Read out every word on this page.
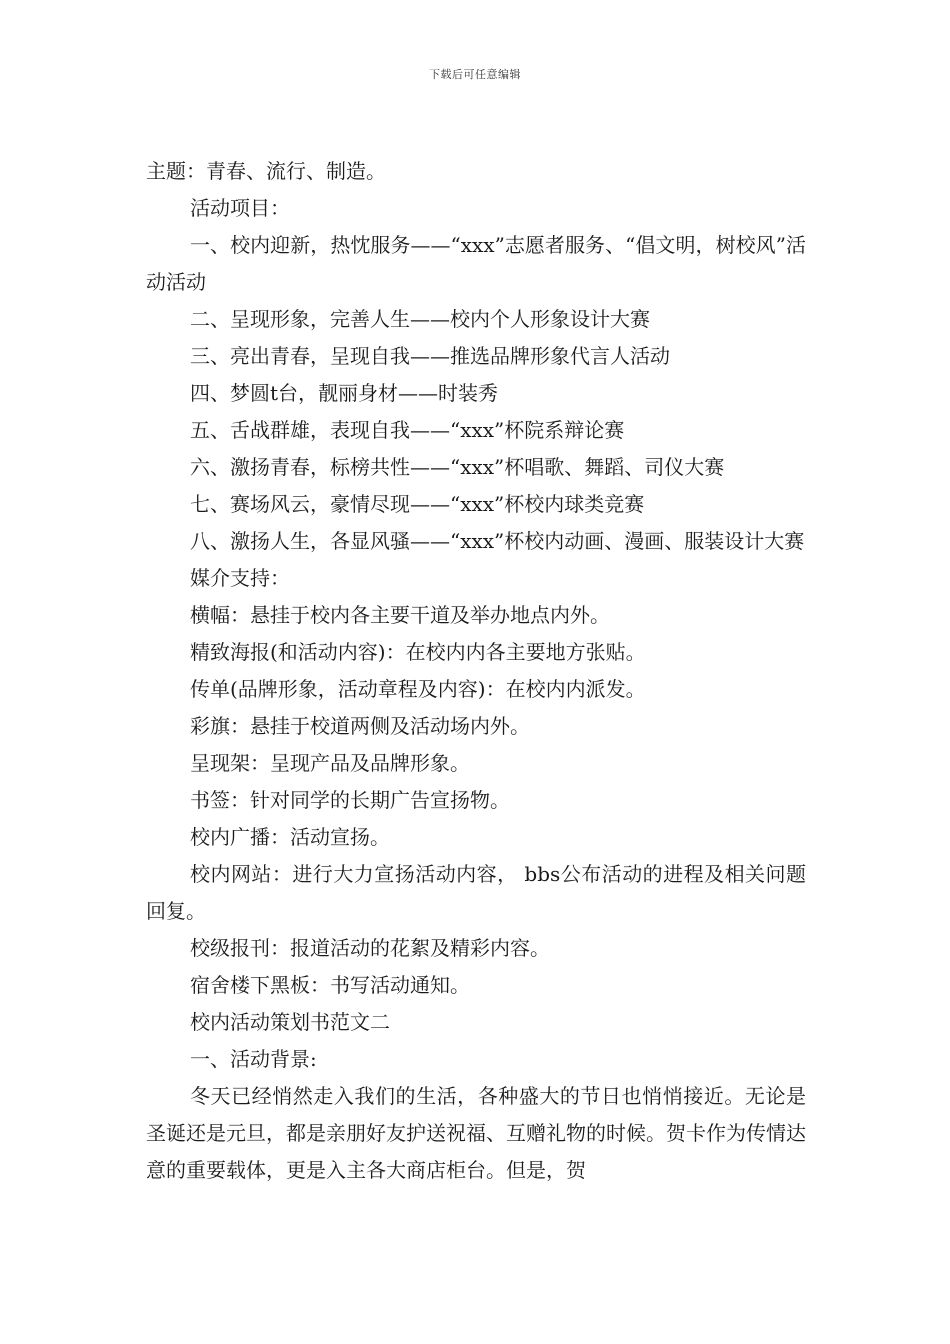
下载后可任意编辑

主题：青春、流行、制造。

活动项目：

一、校内迎新，热忱服务——“xxx”志愿者服务、“倡文明，树校风”活动活动

二、呈现形象，完善人生——校内个人形象设计大赛

三、亮出青春，呈现自我——推选品牌形象代言人活动

四、梦圆t台，靓丽身材——时装秀

五、舌战群雄，表现自我——“xxx”杯院系辩论赛

六、激扬青春，标榜共性——“xxx”杯唱歌、舞蹈、司仪大赛

七、赛场风云，豪情尽现——“xxx”杯校内球类竞赛

八、激扬人生，各显风骚——“xxx”杯校内动画、漫画、服装设计大赛

媒介支持：

横幅：悬挂于校内各主要干道及举办地点内外。

精致海报(和活动内容)：在校内内各主要地方张贴。

传单(品牌形象，活动章程及内容)：在校内内派发。

彩旗：悬挂于校道两侧及活动场内外。

呈现架：呈现产品及品牌形象。

书签：针对同学的长期广告宣扬物。

校内广播：活动宣扬。

校内网站：进行大力宣扬活动内容， bbs公布活动的进程及相关问题回复。

校级报刊：报道活动的花絮及精彩内容。

宿舍楼下黑板：书写活动通知。

校内活动策划书范文二

一、活动背景:

冬天已经悄然走入我们的生活，各种盛大的节日也悄悄接近。无论是圣诞还是元旦，都是亲朋好友护送祝福、互赠礼物的时候。贺卡作为传情达意的重要载体，更是入主各大商店柜台。但是，贺
